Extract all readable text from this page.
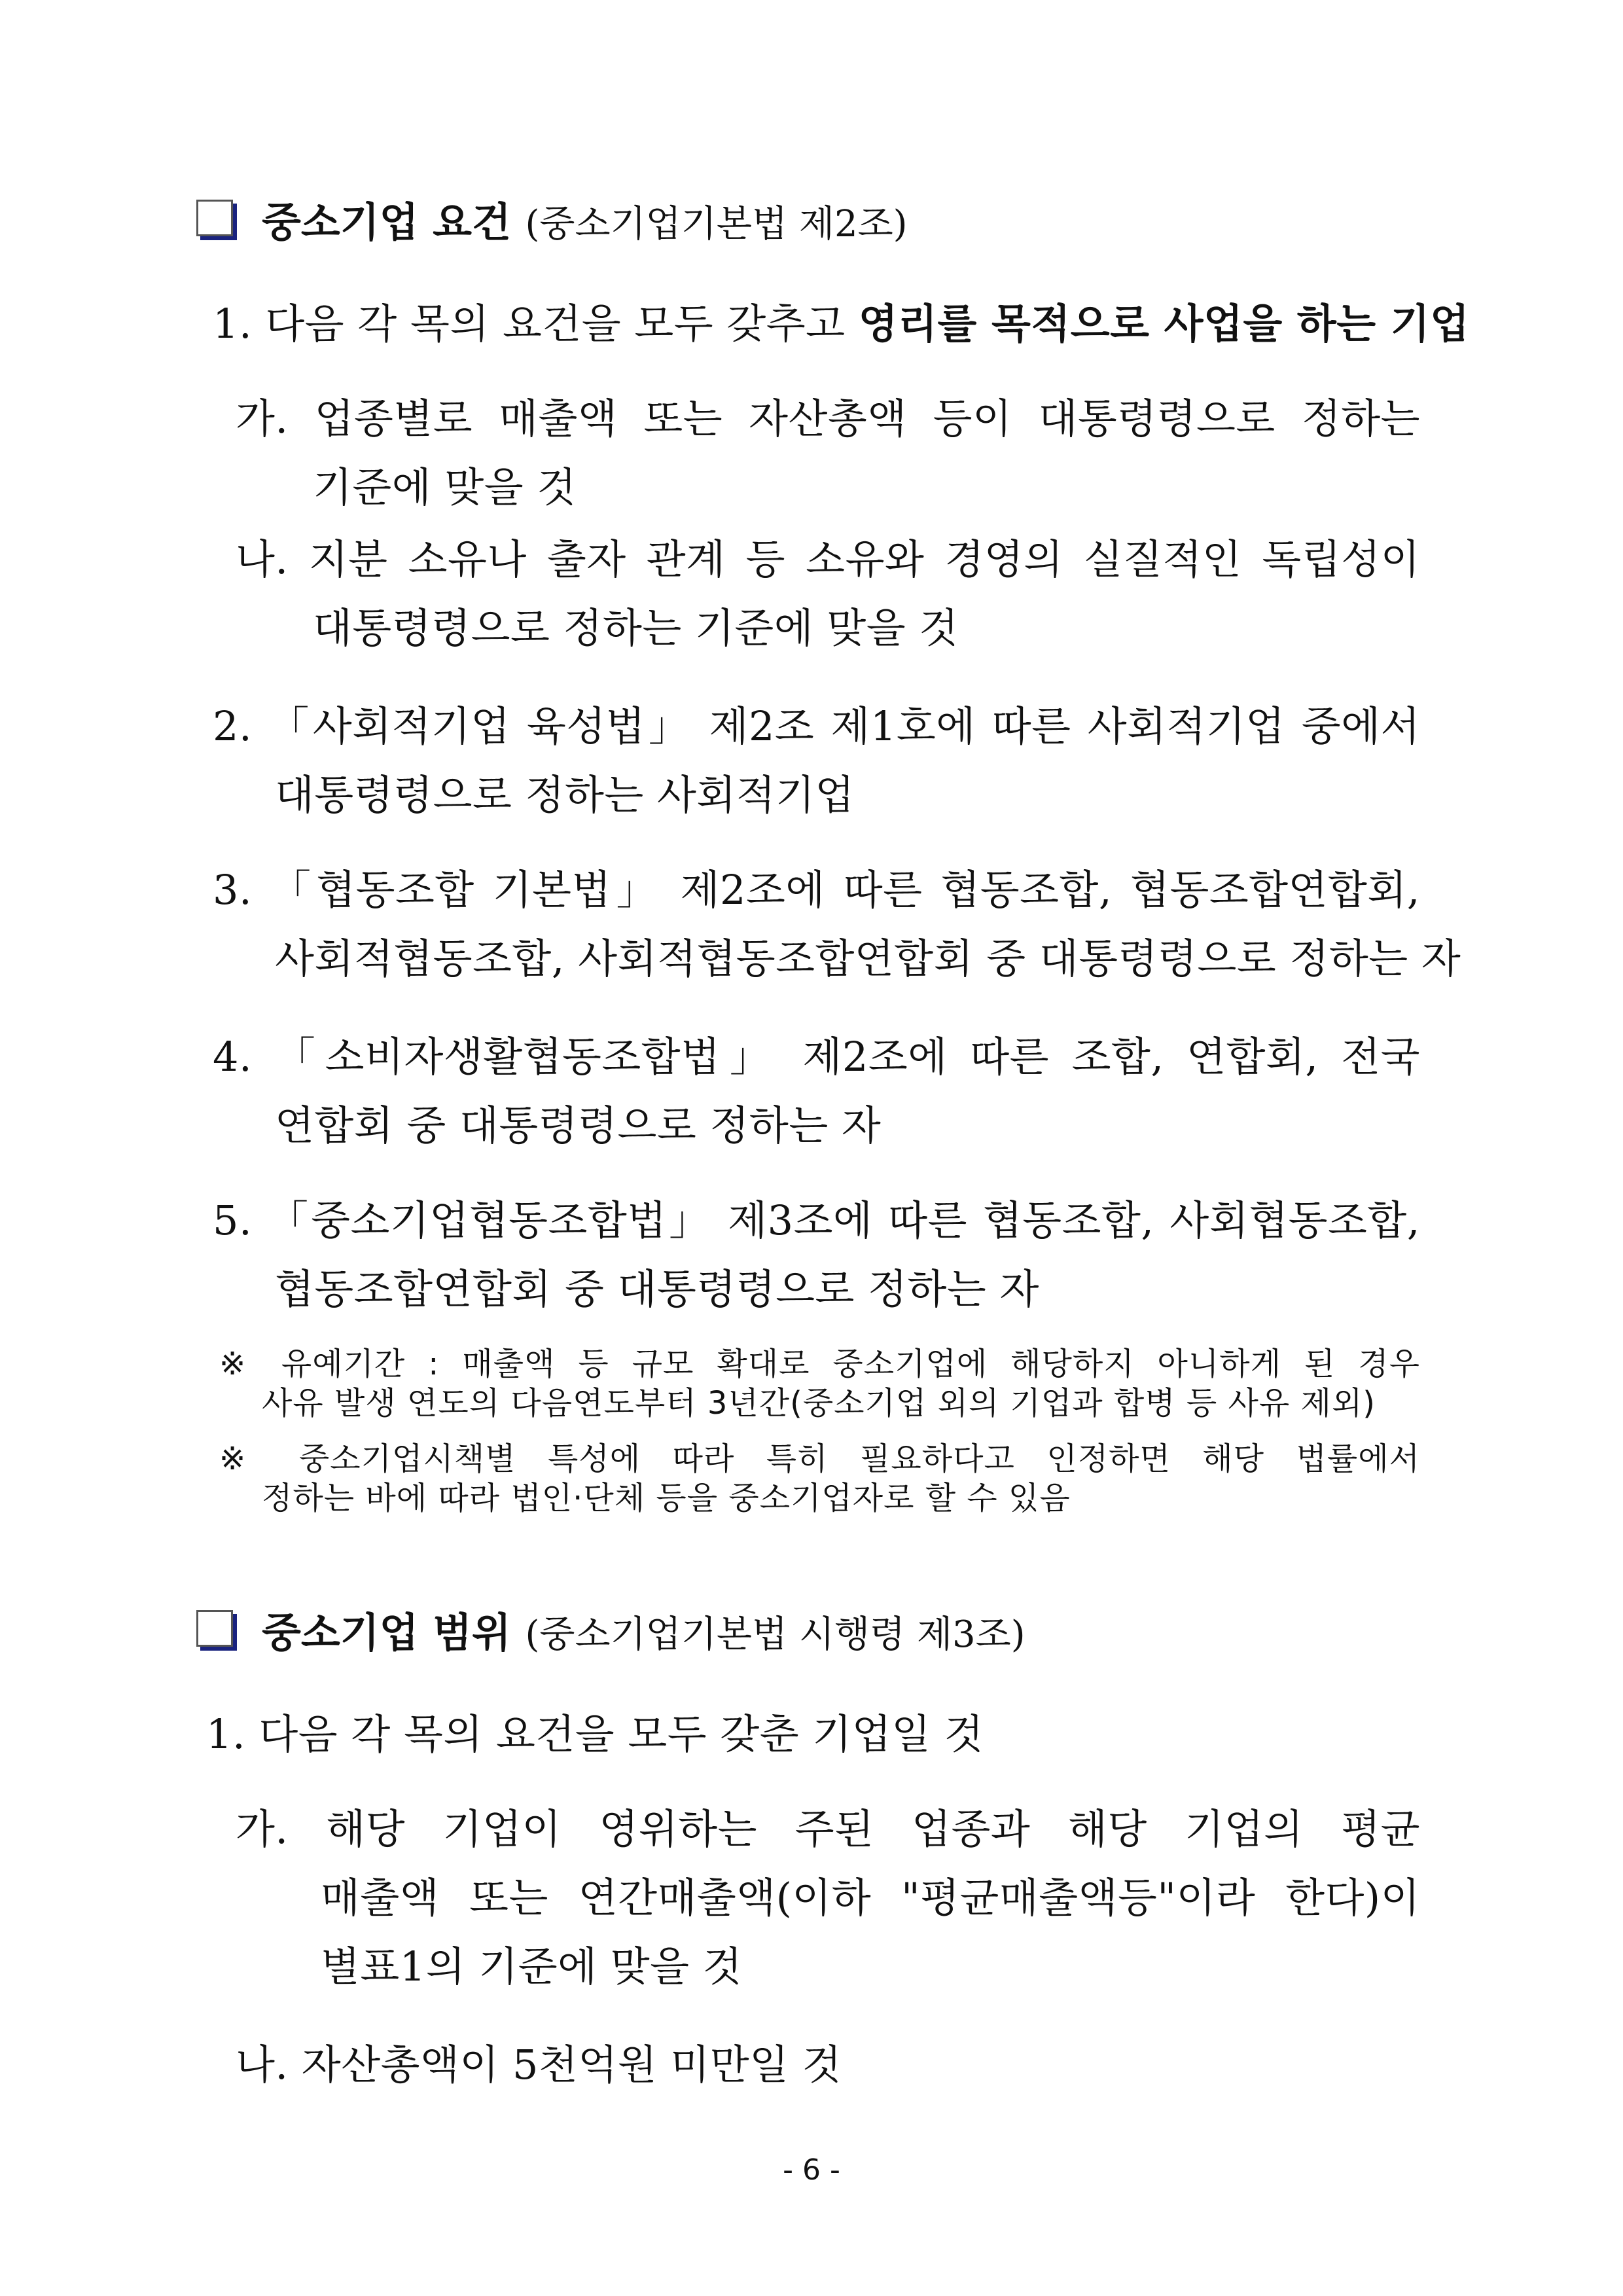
중소기업 요건 (중소기업기본법 제2조)
1. 다음 각 목의 요건을 모두 갖추고 영리를 목적으로 사업을 하는 기업
가. 업종별로 매출액 또는 자산총액 등이 대통령령으로 정하는
기준에 맞을 것
나. 지분 소유나 출자 관계 등 소유와 경영의 실질적인 독립성이
대통령령으로 정하는 기준에 맞을 것
2. 「사회적기업 육성법」 제2조 제1호에 따른 사회적기업 중에서
대통령령으로 정하는 사회적기업
3. 「협동조합 기본법」 제2조에 따른 협동조합, 협동조합연합회,
사회적협동조합, 사회적협동조합연합회 중 대통령령으로 정하는 자
4. 「소비자생활협동조합법」 제2조에 따른 조합, 연합회, 전국
연합회 중 대통령령으로 정하는 자
5. 「중소기업협동조합법」 제3조에 따른 협동조합, 사회협동조합,
협동조합연합회 중 대통령령으로 정하는 자
※ 유예기간 : 매출액 등 규모 확대로 중소기업에 해당하지 아니하게 된 경우
사유 발생 연도의 다음연도부터 3년간(중소기업 외의 기업과 합병 등 사유 제외)
※ 중소기업시책별 특성에 따라 특히 필요하다고 인정하면 해당 법률에서
정하는 바에 따라 법인·단체 등을 중소기업자로 할 수 있음
중소기업 범위 (중소기업기본법 시행령 제3조)
1. 다음 각 목의 요건을 모두 갖춘 기업일 것
가. 해당 기업이 영위하는 주된 업종과 해당 기업의 평균
매출액 또는 연간매출액(이하 "평균매출액등"이라 한다)이
별표1의 기준에 맞을 것
나. 자산총액이 5천억원 미만일 것
- 6 -
